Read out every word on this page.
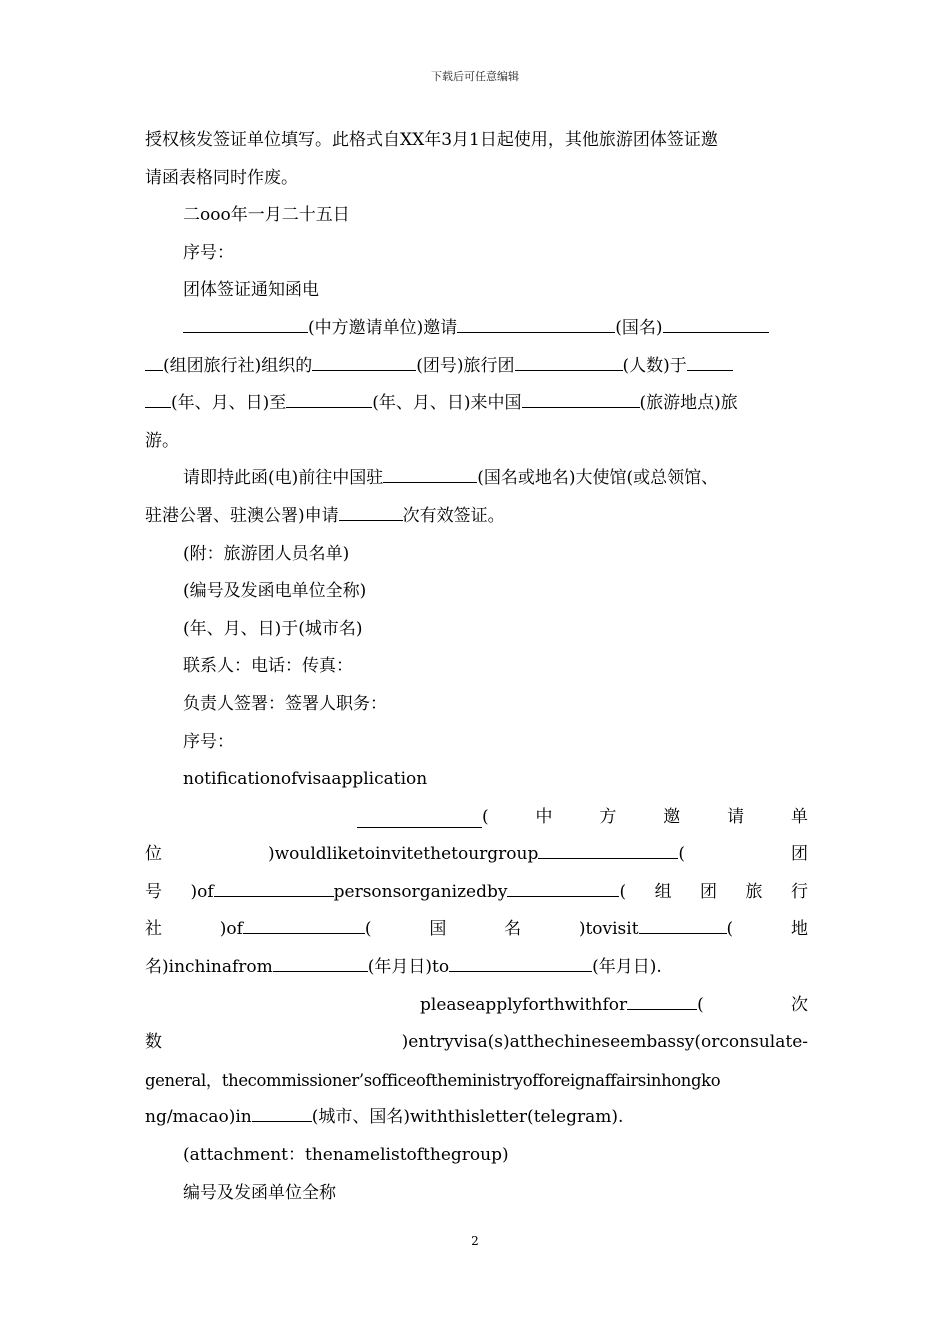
下载后可任意编辑

授权核发签证单位填写。此格式自XX年3月1日起使用，其他旅游团体签证邀

请函表格同时作废。

二ooo年一月二十五日

序号：

团体签证通知函电

(中方邀请单位)邀请	(国名)

(组团旅行社)组织的	(团号)旅行团	(人数)于

(年、月、日)至	(年、月、日)来中国	(旅游地点)旅

游。

请即持此函(电)前往中国驻	(国名或地名)大使馆(或总领馆、

驻港公署、驻澳公署)申请	次有效签证。

(附：旅游团人员名单)

(编号及发函电单位全称)

(年、月、日)于(城市名)

联系人：电话：传真：

负责人签署：签署人职务：

序号：

notificationofvisaapplication

(	中	方	邀	请	单

位	)wouldliketoinvitethetourgroup	(	团

号 )of	personsorganizedby	( 组 团 旅 行

社	)of	(	国	名	)tovisit	(	地

名)inchinafrom	(年月日)to	(年月日).

pleaseapplyforthwithfor	(	次

数	)entryvisa(s)atthechineseembassy(orconsulate-

general，thecommissioner’sofficeoftheministryofforeignaffairsinhongko

ng/macao)in	(城市、国名)withthisletter(telegram).

(attachment：thenamelistofthegroup)

编号及发函单位全称

2
